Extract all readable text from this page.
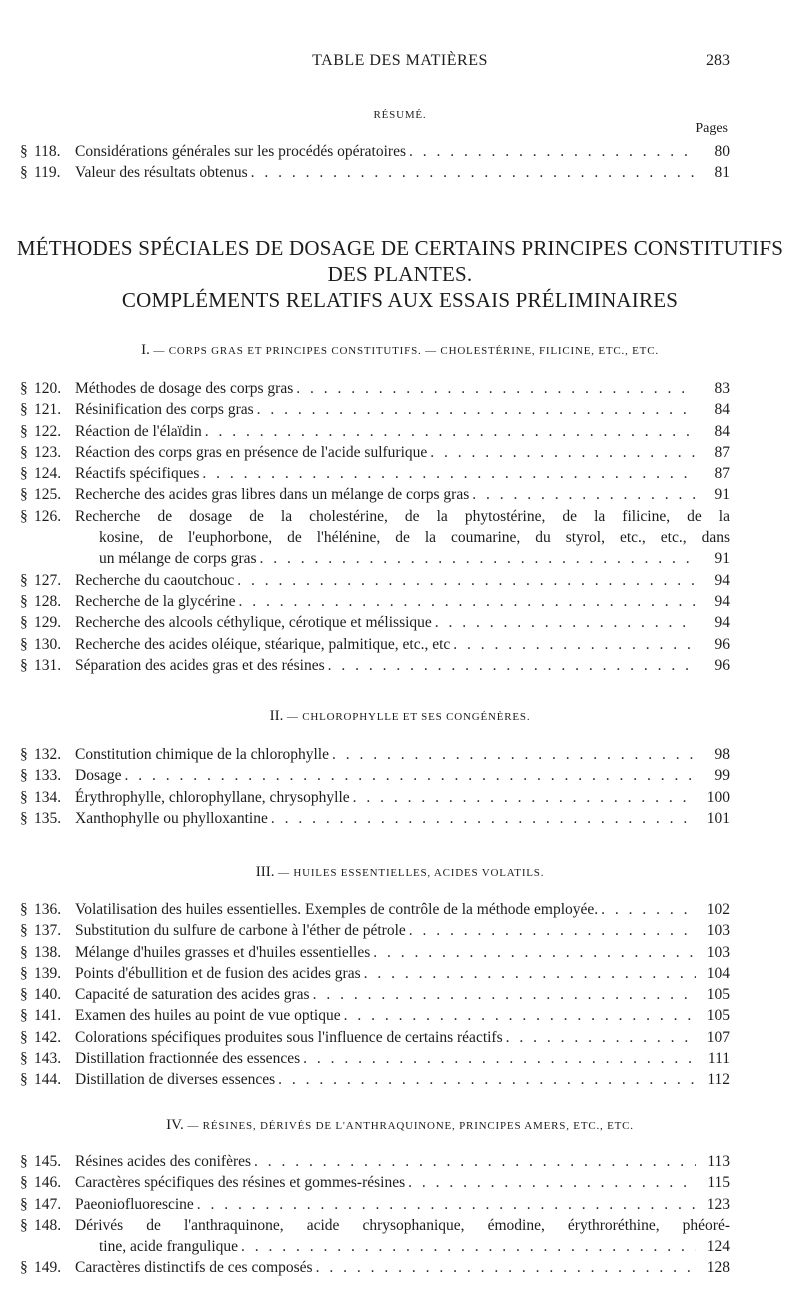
TABLE DES MATIÈRES	283
RÉSUMÉ.
Pages
§ 118. Considérations générales sur les procédés opératoires . . .	80
§ 119. Valeur des résultats obtenus . . .	81
MÉTHODES SPÉCIALES DE DOSAGE DE CERTAINS PRINCIPES CONSTITUTIFS
DES PLANTES.
COMPLÉMENTS RELATIFS AUX ESSAIS PRÉLIMINAIRES
I. — CORPS GRAS ET PRINCIPES CONSTITUTIFS. — CHOLESTÉRINE, FILICINE, ETC., ETC.
§ 120. Méthodes de dosage des corps gras . . .	83
§ 121. Résinification des corps gras . . .	84
§ 122. Réaction de l'élaïdin . . .	84
§ 123. Réaction des corps gras en présence de l'acide sulfurique . . .	87
§ 124. Réactifs spécifiques . . .	87
§ 125. Recherche des acides gras libres dans un mélange de corps gras . . .	91
§ 126. Recherche de dosage de la cholestérine, de la phytostérine, de la filicine, de la
kosine, de l'euphorbone, de l'hélénine, de la coumarine, du styrol, etc., etc., dans
un mélange de corps gras . . .	91
§ 127. Recherche du caoutchouc . . .	94
§ 128. Recherche de la glycérine . . .	94
§ 129. Recherche des alcools céthylique, cérotique et mélissique . . .	94
§ 130. Recherche des acides oléique, stéarique, palmitique, etc., etc . . .	96
§ 131. Séparation des acides gras et des résines . . .	96
II. — CHLOROPHYLLE ET SES CONGÉNÈRES.
§ 132. Constitution chimique de la chlorophylle . . .	98
§ 133. Dosage . . .	99
§ 134. Érythrophylle, chlorophyllane, chrysophylle . . .	100
§ 135. Xanthophylle ou phylloxantine . . .	101
III. — HUILES ESSENTIELLES, ACIDES VOLATILS.
§ 136. Volatilisation des huiles essentielles. Exemples de contrôle de la méthode employée. . . .	102
§ 137. Substitution du sulfure de carbone à l'éther de pétrole . . .	103
§ 138. Mélange d'huiles grasses et d'huiles essentielles . . .	103
§ 139. Points d'ébullition et de fusion des acides gras . . .	104
§ 140. Capacité de saturation des acides gras . . .	105
§ 141. Examen des huiles au point de vue optique . . .	105
§ 142. Colorations spécifiques produites sous l'influence de certains réactifs . . .	107
§ 143. Distillation fractionnée des essences . . .	111
§ 144. Distillation de diverses essences . . .	112
IV. — RÉSINES, DÉRIVÉS DE L'ANTHRAQUINONE, PRINCIPES AMERS, ETC., ETC.
§ 145. Résines acides des conifères . . .	113
§ 146. Caractères spécifiques des résines et gommes-résines . . .	115
§ 147. Paeoniofluorescine . . .	123
§ 148. Dérivés de l'anthraquinone, acide chrysophanique, émodine, érythroréthine, phéoré-
tine, acide frangulique . . .	124
§ 149. Caractères distinctifs de ces composés . . .	128
